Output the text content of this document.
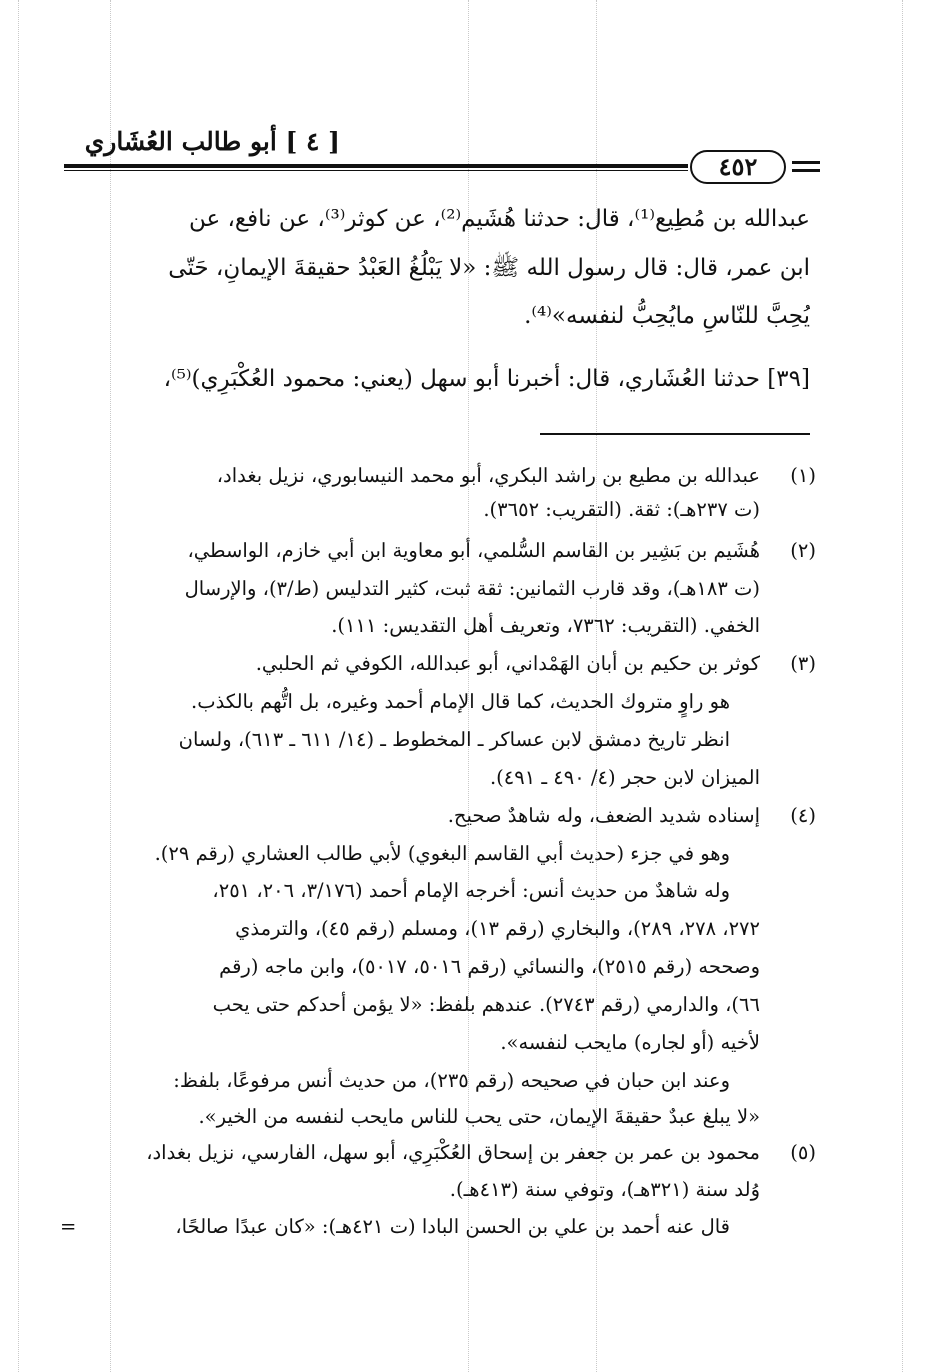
[ ٤ ] أبو طالب العُشَاري
٤٥٢
عبدالله بن مُطِيع⁽¹⁾، قال: حدثنا هُشَيم⁽²⁾، عن كوثر⁽³⁾، عن نافع، عن
ابن عمر، قال: قال رسول الله ﷺ: «لا يَبْلُغُ العَبْدُ حقيقةَ الإيمانِ، حَتّى
يُحِبَّ للنّاسِ مايُحِبُّ لنفسه»⁽⁴⁾.
[٣٩] حدثنا العُشَاري، قال: أخبرنا أبو سهل (يعني: محمود العُكْبَرِي)⁽⁵⁾،
(١)
عبدالله بن مطيع بن راشد البكري، أبو محمد النيسابوري، نزيل بغداد،
(ت ٢٣٧هـ): ثقة. (التقريب: ٣٦٥٢).
(٢)
هُشَيم بن بَشِير بن القاسم السُّلمي، أبو معاوية ابن أبي خازم، الواسطي،
(ت ١٨٣هـ)، وقد قارب الثمانين: ثقة ثبت، كثير التدليس (ط/٣)، والإرسال
الخفي. (التقريب: ٧٣٦٢، وتعريف أهل التقديس: ١١١).
(٣)
كوثر بن حكيم بن أبان الهَمْداني، أبو عبدالله، الكوفي ثم الحلبي.
هو راوٍ متروك الحديث، كما قال الإمام أحمد وغيره، بل اتُّهم بالكذب.
انظر تاريخ دمشق لابن عساكر ـ المخطوط ـ (١٤/ ٦١١ ـ ٦١٣)، ولسان
الميزان لابن حجر (٤/ ٤٩٠ ـ ٤٩١).
(٤)
إسناده شديد الضعف، وله شاهدٌ صحيح.
وهو في جزء (حديث أبي القاسم البغوي) لأبي طالب العشاري (رقم ٢٩).
وله شاهدٌ من حديث أنس: أخرجه الإمام أحمد (٣/١٧٦، ٢٠٦، ٢٥١،
٢٧٢، ٢٧٨، ٢٨٩)، والبخاري (رقم ١٣)، ومسلم (رقم ٤٥)، والترمذي
وصححه (رقم ٢٥١٥)، والنسائي (رقم ٥٠١٦، ٥٠١٧)، وابن ماجه (رقم
٦٦)، والدارمي (رقم ٢٧٤٣). عندهم بلفظ: «لا يؤمن أحدكم حتى يحب
لأخيه (أو لجاره) مايحب لنفسه».
وعند ابن حبان في صحيحه (رقم ٢٣٥)، من حديث أنس مرفوعًا، بلفظ:
«لا يبلغ عبدٌ حقيقةَ الإيمان، حتى يحب للناس مايحب لنفسه من الخير».
(٥)
محمود بن عمر بن جعفر بن إسحاق العُكْبَرِي، أبو سهل، الفارسي، نزيل بغداد،
وُلد سنة (٣٢١هـ)، وتوفي سنة (٤١٣هـ).
قال عنه أحمد بن علي بن الحسن البادا (ت ٤٢١هـ): «كان عبدًا صالحًا،
=
